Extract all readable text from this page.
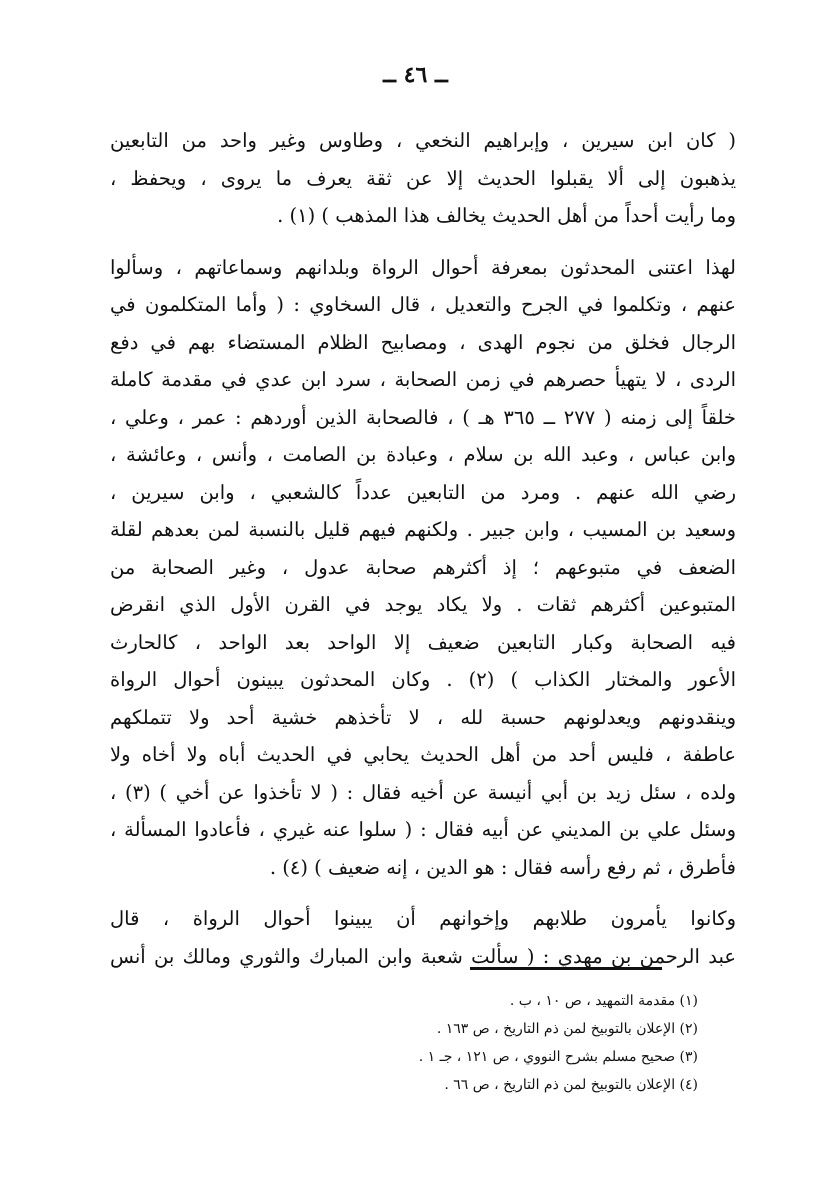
ــ ٤٦ ــ
( كان ابن سيرين ، وإبراهيم النخعي ، وطاوس وغير واحد من التابعين
يذهبون إلى ألا يقبلوا الحديث إلا عن ثقة يعرف ما يروى ، ويحفظ ،
وما رأيت أحداً من أهل الحديث يخالف هذا المذهب ) (١) .
لهذا اعتنى المحدثون بمعرفة أحوال الرواة وبلدانهم وسماعاتهم ، وسألوا
عنهم ، وتكلموا في الجرح والتعديل ، قال السخاوي : ( وأما المتكلمون في
الرجال فخلق من نجوم الهدى ، ومصابيح الظلام المستضاء بهم في دفع
الردى ، لا يتهيأ حصرهم في زمن الصحابة ، سرد ابن عدي في مقدمة كاملة
خلقاً إلى زمنه ( ٢٧٧ ــ ٣٦٥ هـ ) ، فالصحابة الذين أوردهم : عمر ، وعلي ،
وابن عباس ، وعبد الله بن سلام ، وعبادة بن الصامت ، وأنس ، وعائشة ،
رضي الله عنهم . ومرد من التابعين عدداً كالشعبي ، وابن سيرين ،
وسعيد بن المسيب ، وابن جبير . ولكنهم فيهم قليل بالنسبة لمن بعدهم لقلة
الضعف في متبوعهم ؛ إذ أكثرهم صحابة عدول ، وغير الصحابة من
المتبوعين أكثرهم ثقات . ولا يكاد يوجد في القرن الأول الذي انقرض
فيه الصحابة وكبار التابعين ضعيف إلا الواحد بعد الواحد ، كالحارث
الأعور والمختار الكذاب ) (٢) . وكان المحدثون يبينون أحوال الرواة
وينقدونهم ويعدلونهم حسبة لله ، لا تأخذهم خشية أحد ولا تتملكهم
عاطفة ، فليس أحد من أهل الحديث يحابي في الحديث أباه ولا أخاه ولا
ولده ، سئل زيد بن أبي أنيسة عن أخيه فقال : ( لا تأخذوا عن أخي ) (٣) ،
وسئل علي بن المديني عن أبيه فقال : ( سلوا عنه غيري ، فأعادوا المسألة ،
فأطرق ، ثم رفع رأسه فقال : هو الدين ، إنه ضعيف ) (٤) .
وكانوا يأمرون طلابهم وإخوانهم أن يبينوا أحوال الرواة ، قال
عبد الرحمن بن مهدي : ( سألت شعبة وابن المبارك والثوري ومالك بن أنس
(١) مقدمة التمهيد ، ص ١٠ ، ب .
(٢) الإعلان بالتوبيخ لمن ذم التاريخ ، ص ١٦٣ .
(٣) صحيح مسلم بشرح النووي ، ص ١٢١ ، جـ ١ .
(٤) الإعلان بالتوبيخ لمن ذم التاريخ ، ص ٦٦ .
